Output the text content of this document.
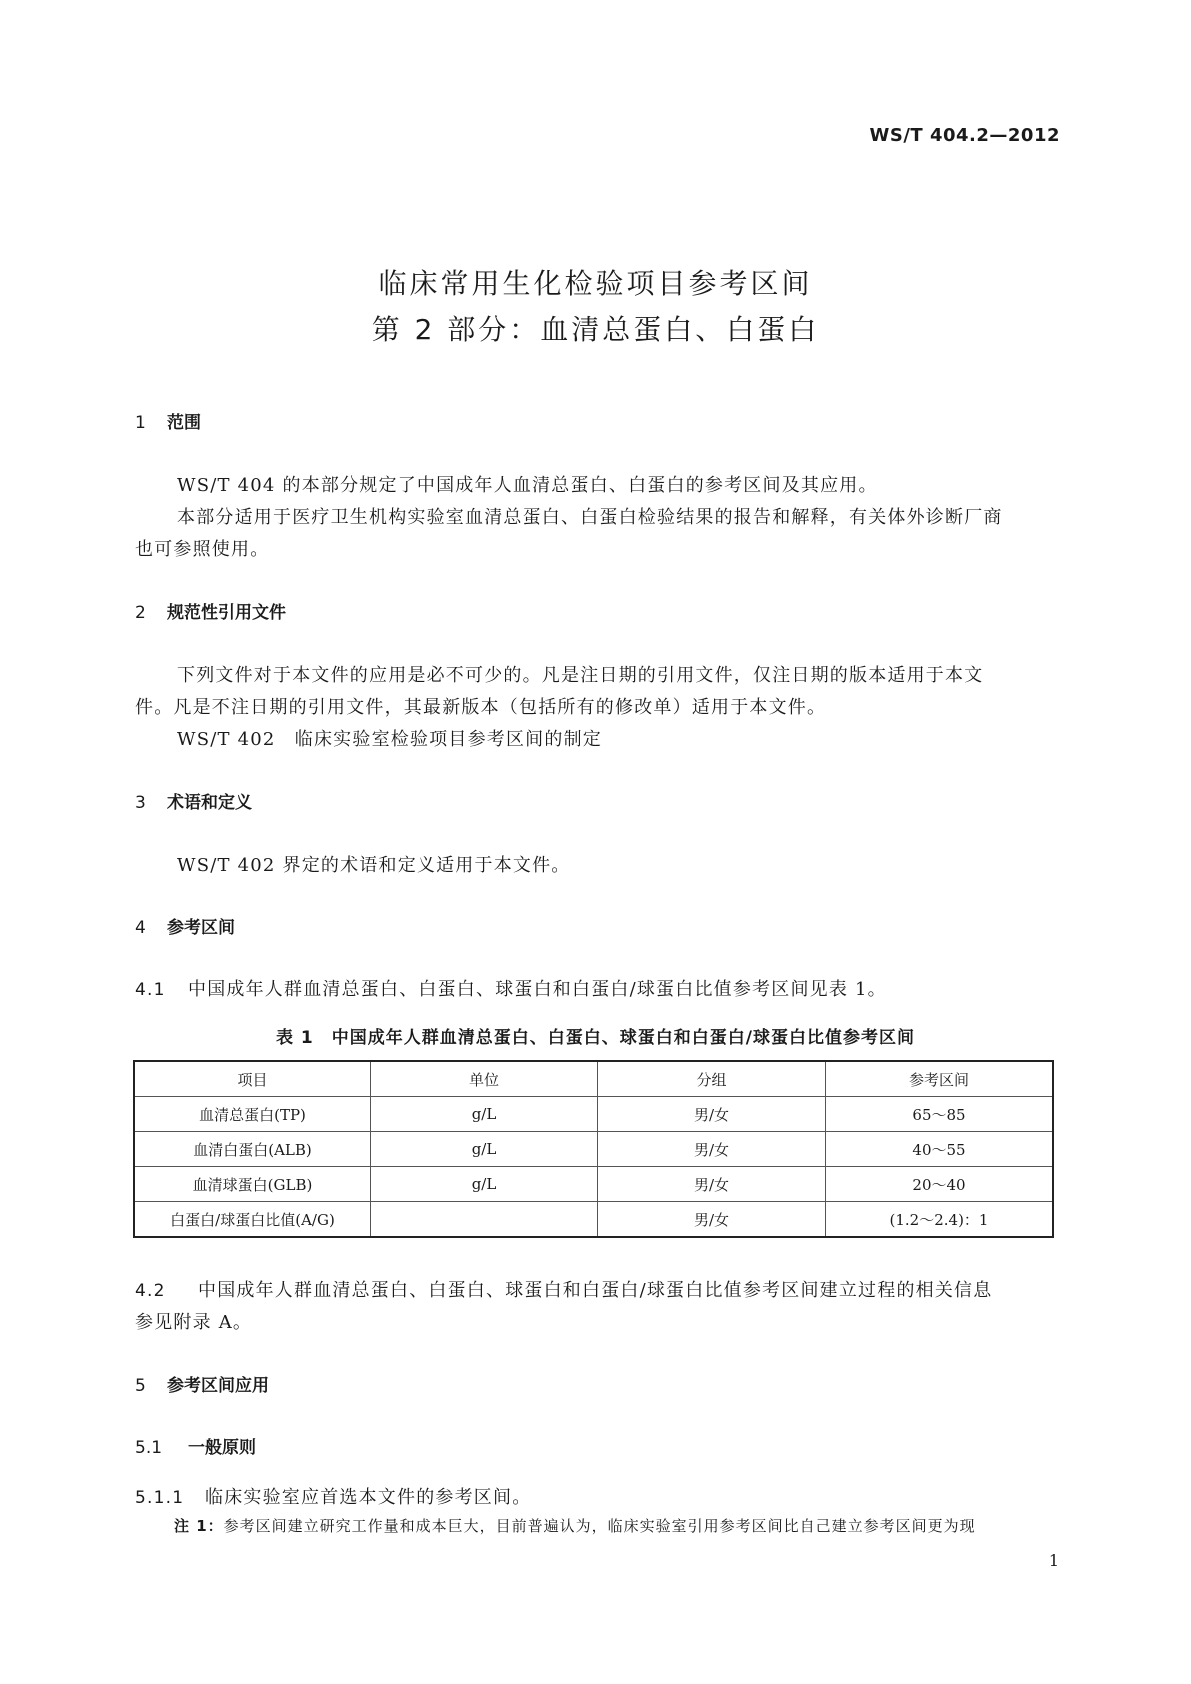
WS/T 404.2—2012
临床常用生化检验项目参考区间
第 2 部分：血清总蛋白、白蛋白
1 范围
WS/T 404 的本部分规定了中国成年人血清总蛋白、白蛋白的参考区间及其应用。
本部分适用于医疗卫生机构实验室血清总蛋白、白蛋白检验结果的报告和解释，有关体外诊断厂商
也可参照使用。
2 规范性引用文件
下列文件对于本文件的应用是必不可少的。凡是注日期的引用文件，仅注日期的版本适用于本文
件。凡是不注日期的引用文件，其最新版本（包括所有的修改单）适用于本文件。
WS/T 402　临床实验室检验项目参考区间的制定
3 术语和定义
WS/T 402 界定的术语和定义适用于本文件。
4 参考区间
4.1 中国成年人群血清总蛋白、白蛋白、球蛋白和白蛋白/球蛋白比值参考区间见表 1。
表 1　中国成年人群血清总蛋白、白蛋白、球蛋白和白蛋白/球蛋白比值参考区间
项目	单位	分组	参考区间
血清总蛋白(TP)	g/L	男/女	65～85
血清白蛋白(ALB)	g/L	男/女	40～55
血清球蛋白(GLB)	g/L	男/女	20～40
白蛋白/球蛋白比值(A/G)		男/女	(1.2～2.4)：1
4.2 中国成年人群血清总蛋白、白蛋白、球蛋白和白蛋白/球蛋白比值参考区间建立过程的相关信息
参见附录 A。
5 参考区间应用
5.1 一般原则
5.1.1 临床实验室应首选本文件的参考区间。
注 1：参考区间建立研究工作量和成本巨大，目前普遍认为，临床实验室引用参考区间比自己建立参考区间更为现
1
